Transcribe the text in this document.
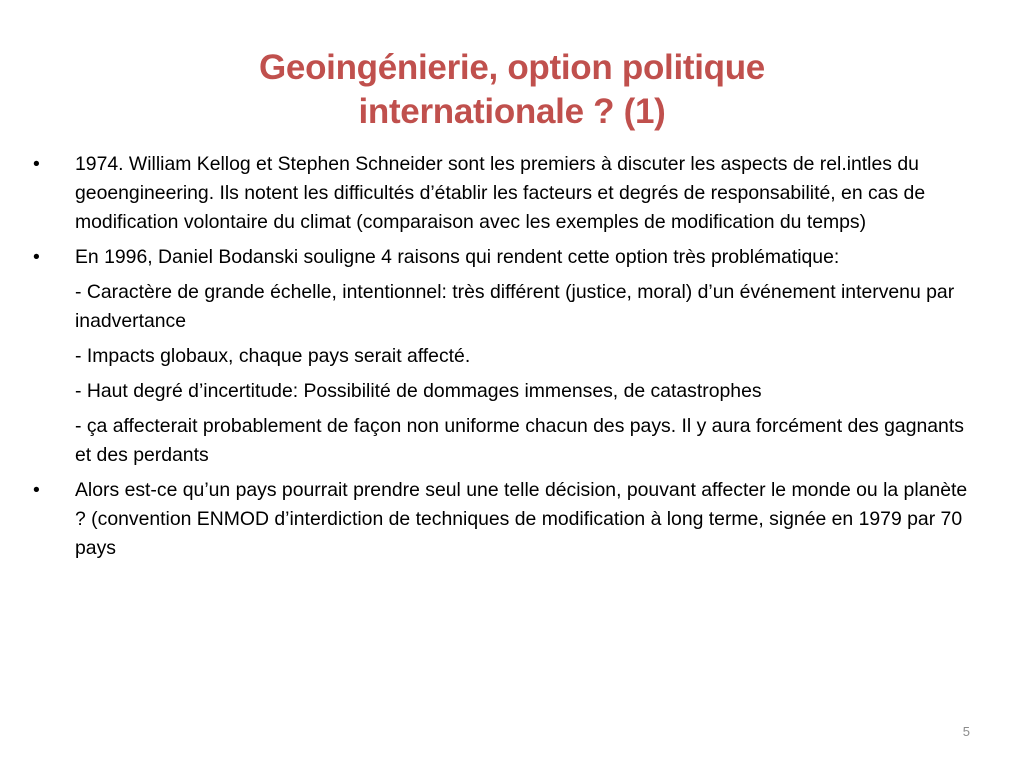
Geoingénierie, option politique
internationale ? (1)
•	1974. William Kellog et Stephen Schneider sont les premiers à discuter les aspects de rel.intles du geoengineering. Ils notent les difficultés d’établir les facteurs et degrés de responsabilité, en cas de modification volontaire du climat (comparaison avec les exemples de modification du temps)
•	En 1996, Daniel Bodanski souligne 4 raisons qui rendent cette option très problématique:
- Caractère de grande échelle, intentionnel: très différent (justice, moral) d’un événement intervenu par inadvertance
- Impacts globaux, chaque pays serait affecté.
- Haut degré d’incertitude: Possibilité de dommages immenses, de catastrophes
- ça affecterait probablement de façon non uniforme chacun des pays. Il y aura forcément des gagnants et des perdants
•	Alors est-ce qu’un pays pourrait prendre seul une telle décision, pouvant affecter le monde ou la planète ? (convention ENMOD d’interdiction de techniques de modification à long terme, signée en 1979 par 70 pays
5
